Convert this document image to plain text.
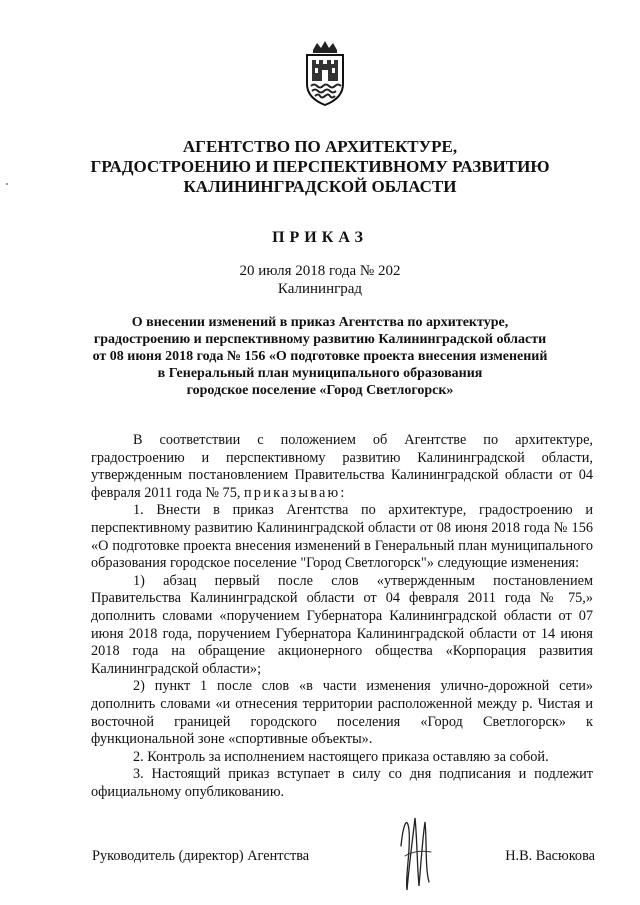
АГЕНТСТВО ПО АРХИТЕКТУРЕ,
ГРАДОСТРОЕНИЮ И ПЕРСПЕКТИВНОМУ РАЗВИТИЮ
КАЛИНИНГРАДСКОЙ ОБЛАСТИ
ПРИКАЗ
20 июля 2018 года № 202
Калининград
О внесении изменений в приказ Агентства по архитектуре,
градостроению и перспективному развитию Калининградской области
от 08 июня 2018 года № 156 «О подготовке проекта внесения изменений
в Генеральный план муниципального образования
городское поселение «Город Светлогорск»

В соответствии с положением об Агентстве по архитектуре, градостроению и перспективному развитию Калининградской области, утвержденным постановлением Правительства Калининградской области от 04 февраля 2011 года № 75, приказываю:

1. Внести в приказ Агентства по архитектуре, градостроению и перспективному развитию Калининградской области от 08 июня 2018 года № 156 «О подготовке проекта внесения изменений в Генеральный план муниципального образования городское поселение "Город Светлогорск"» следующие изменения:

1) абзац первый после слов «утвержденным постановлением Правительства Калининградской области от 04 февраля 2011 года № 75,» дополнить словами «поручением Губернатора Калининградской области от 07 июня 2018 года, поручением Губернатора Калининградской области от 14 июня 2018 года на обращение акционерного общества «Корпорация развития Калининградской области»;

2) пункт 1 после слов «в части изменения улично-дорожной сети» дополнить словами «и отнесения территории расположенной между р. Чистая и восточной границей городского поселения «Город Светлогорск» к функциональной зоне «спортивные объекты».

2. Контроль за исполнением настоящего приказа оставляю за собой.

3. Настоящий приказ вступает в силу со дня подписания и подлежит официальному опубликованию.

Руководитель (директор) Агентства	Н.В. Васюкова
